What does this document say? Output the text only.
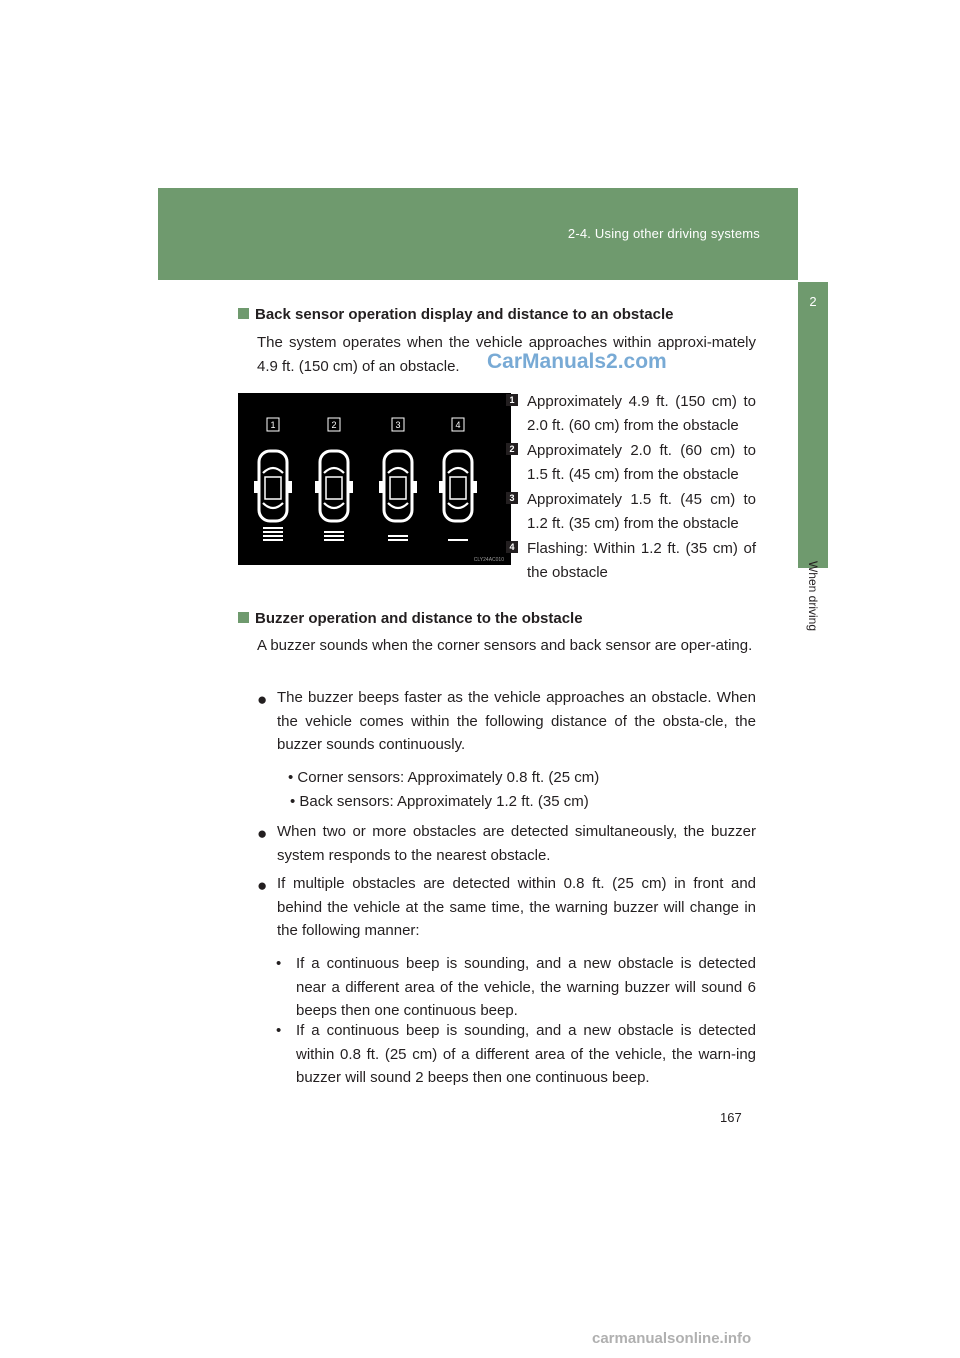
2-4. Using other driving systems
2
When driving
Back sensor operation display and distance to an obstacle
The system operates when the vehicle approaches within approxi-mately 4.9 ft. (150 cm) of an obstacle.	CarManuals2.com
1	2	3	4
CLY24AC010
1 Approximately 4.9 ft. (150 cm) to 2.0 ft. (60 cm) from the obstacle
2 Approximately 2.0 ft. (60 cm) to 1.5 ft. (45 cm) from the obstacle
3 Approximately 1.5 ft. (45 cm) to 1.2 ft. (35 cm) from the obstacle
4 Flashing: Within 1.2 ft. (35 cm) of the obstacle
Buzzer operation and distance to the obstacle
A buzzer sounds when the corner sensors and back sensor are oper-ating.
● The buzzer beeps faster as the vehicle approaches an obstacle. When the vehicle comes within the following distance of the obsta-cle, the buzzer sounds continuously.
• Corner sensors: Approximately 0.8 ft. (25 cm)
• Back sensors: Approximately 1.2 ft. (35 cm)
● When two or more obstacles are detected simultaneously, the buzzer system responds to the nearest obstacle.
● If multiple obstacles are detected within 0.8 ft. (25 cm) in front and behind the vehicle at the same time, the warning buzzer will change in the following manner:
• If a continuous beep is sounding, and a new obstacle is detected near a different area of the vehicle, the warning buzzer will sound 6 beeps then one continuous beep.
• If a continuous beep is sounding, and a new obstacle is detected within 0.8 ft. (25 cm) of a different area of the vehicle, the warn-ing buzzer will sound 2 beeps then one continuous beep.
167
carmanualsonline.info
